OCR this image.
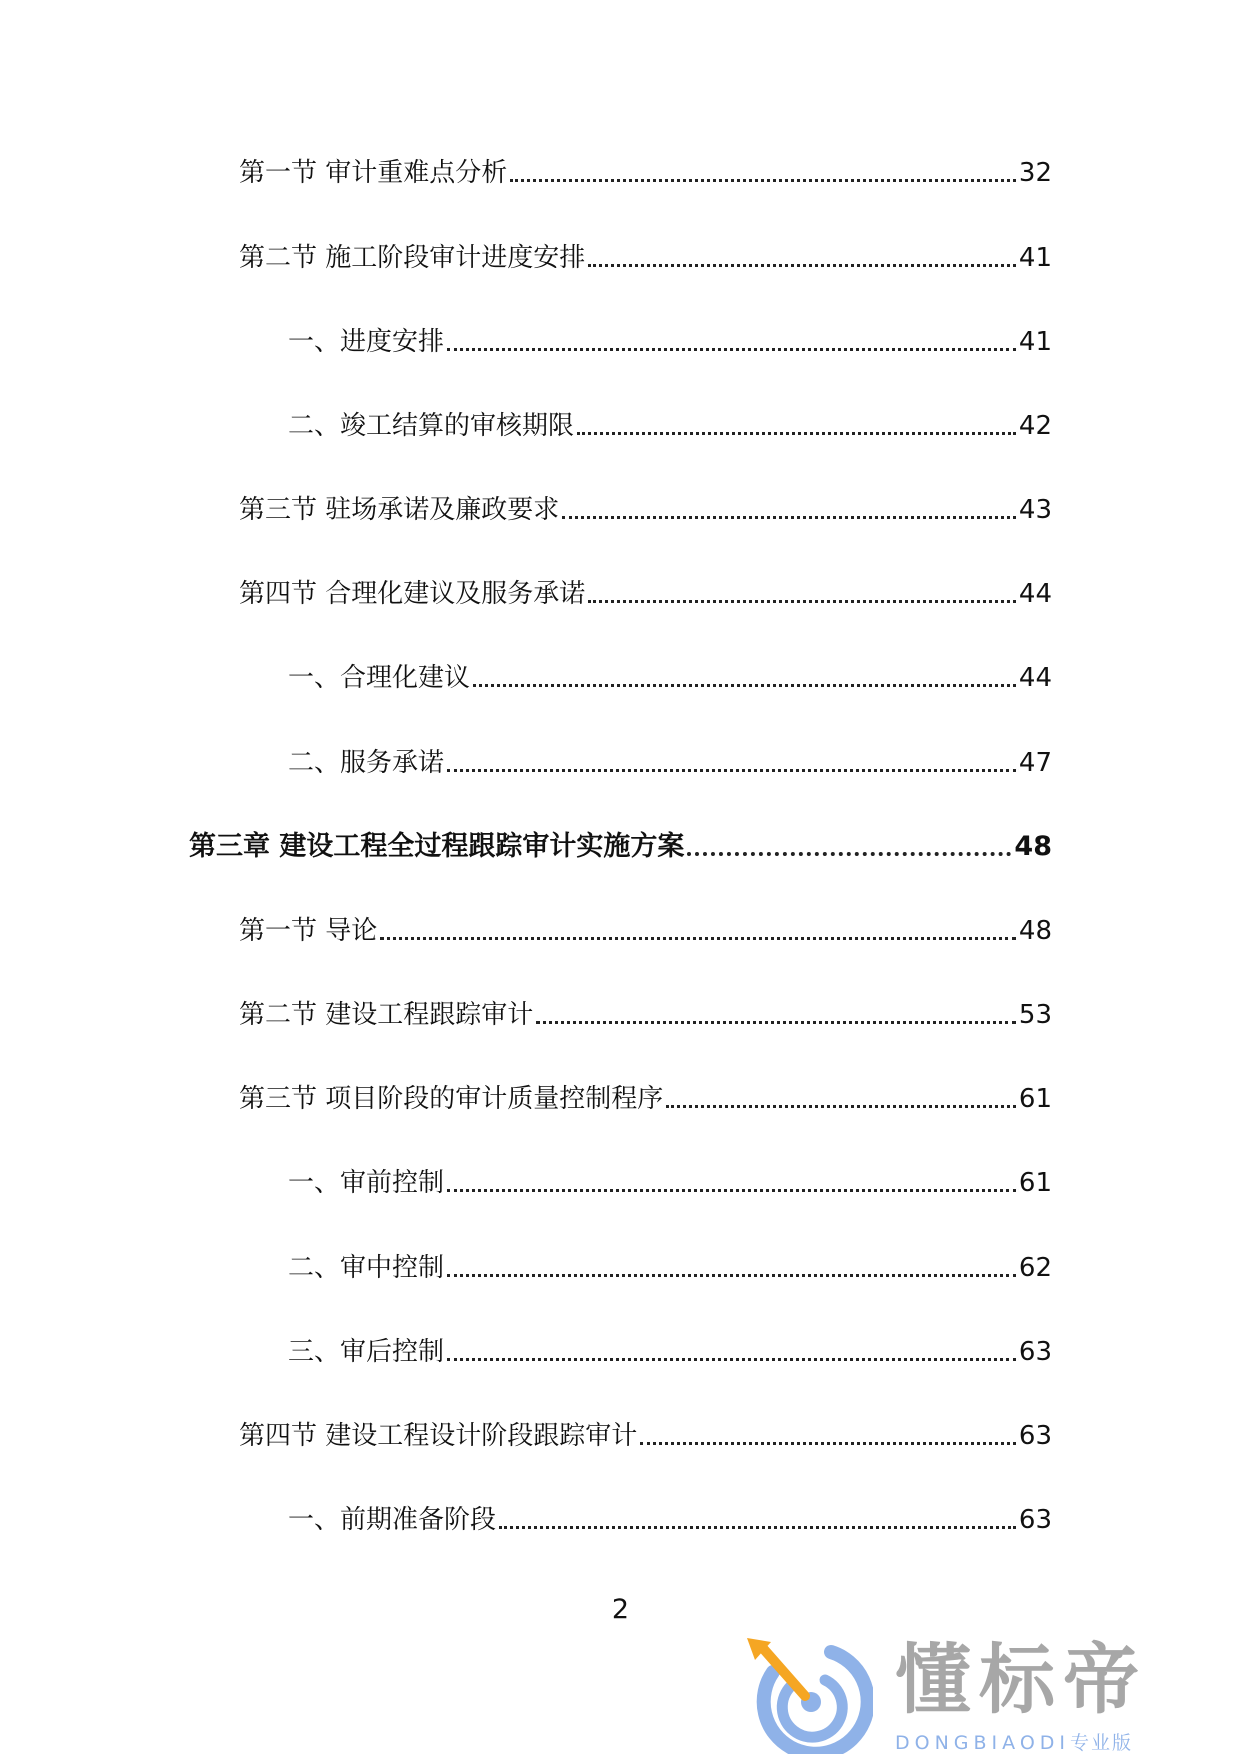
第一节 审计重难点分析	32
第二节 施工阶段审计进度安排	41
一、进度安排	41
二、竣工结算的审核期限	42
第三节 驻场承诺及廉政要求	43
第四节 合理化建议及服务承诺	44
一、合理化建议	44
二、服务承诺	47
第三章 建设工程全过程跟踪审计实施方案	48
第一节 导论	48
第二节 建设工程跟踪审计	53
第三节 项目阶段的审计质量控制程序	61
一、审前控制	61
二、审中控制	62
三、审后控制	63
第四节 建设工程设计阶段跟踪审计	63
一、前期准备阶段	63
2
懂标帝
DONGBIAODI专业版
